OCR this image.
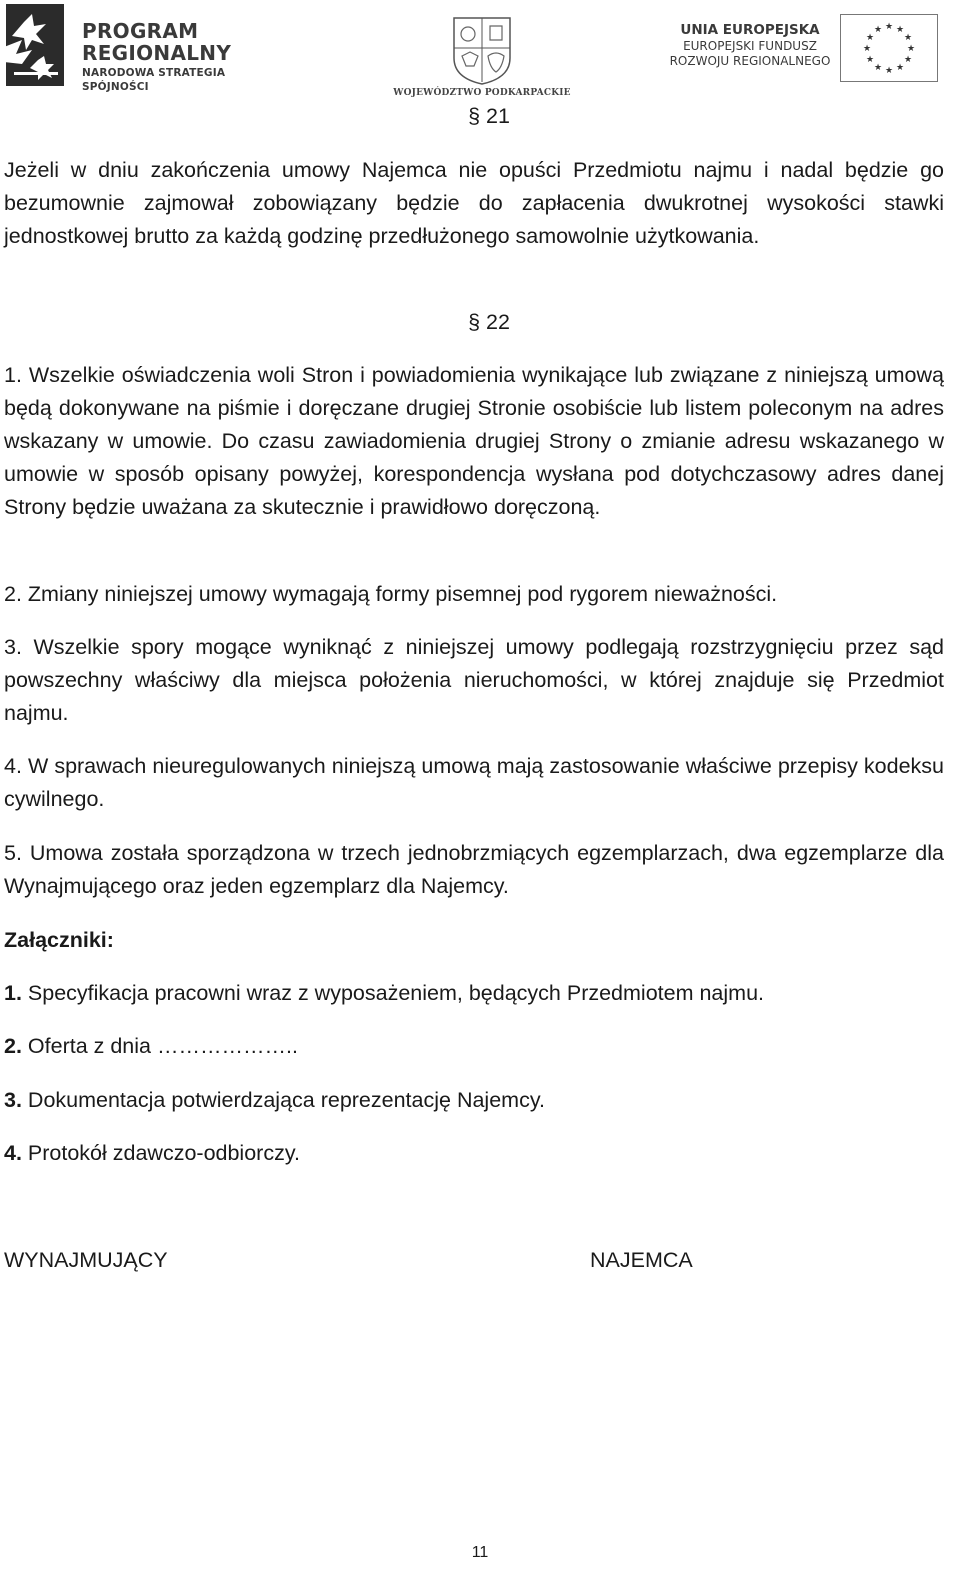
PROGRAM
REGIONALNY
NARODOWA STRATEGIA SPÓJNOŚCI	WOJEWÓDZTWO PODKARPACKIE
UNIA EUROPEJSKA
EUROPEJSKI FUNDUSZ
ROZWOJU REGIONALNEGO
★ ★
★
★
★
★
★
★
★
★
★
★

§ 21

Jeżeli w dniu zakończenia umowy Najemca nie opuści Przedmiotu najmu i nadal będzie go bezumownie zajmował zobowiązany będzie do zapłacenia dwukrotnej wysokości stawki jednostkowej brutto za każdą godzinę przedłużonego samowolnie użytkowania.

§ 22

1. Wszelkie oświadczenia woli Stron i powiadomienia wynikające lub związane z niniejszą umową będą dokonywane na piśmie i doręczane drugiej Stronie osobiście lub listem poleconym na adres wskazany w umowie. Do czasu zawiadomienia drugiej Strony o zmianie adresu wskazanego w umowie w sposób opisany powyżej, korespondencja wysłana pod dotychczasowy adres danej Strony będzie uważana za skutecznie i prawidłowo doręczoną.

2. Zmiany niniejszej umowy wymagają formy pisemnej pod rygorem nieważności.

3. Wszelkie spory mogące wyniknąć z niniejszej umowy podlegają rozstrzygnięciu przez sąd powszechny właściwy dla miejsca położenia nieruchomości, w której znajduje się Przedmiot najmu.

4. W sprawach nieuregulowanych niniejszą umową mają zastosowanie właściwe przepisy kodeksu cywilnego.

5. Umowa została sporządzona w trzech jednobrzmiących egzemplarzach, dwa egzemplarze dla Wynajmującego oraz jeden egzemplarz dla Najemcy.

Załączniki:

1. Specyfikacja pracowni wraz z wyposażeniem, będących Przedmiotem najmu.

2. Oferta z dnia ………………..

3. Dokumentacja potwierdzająca reprezentację Najemcy.

4. Protokół zdawczo-odbiorczy.

WYNAJMUJĄCY	NAJEMCA

11
